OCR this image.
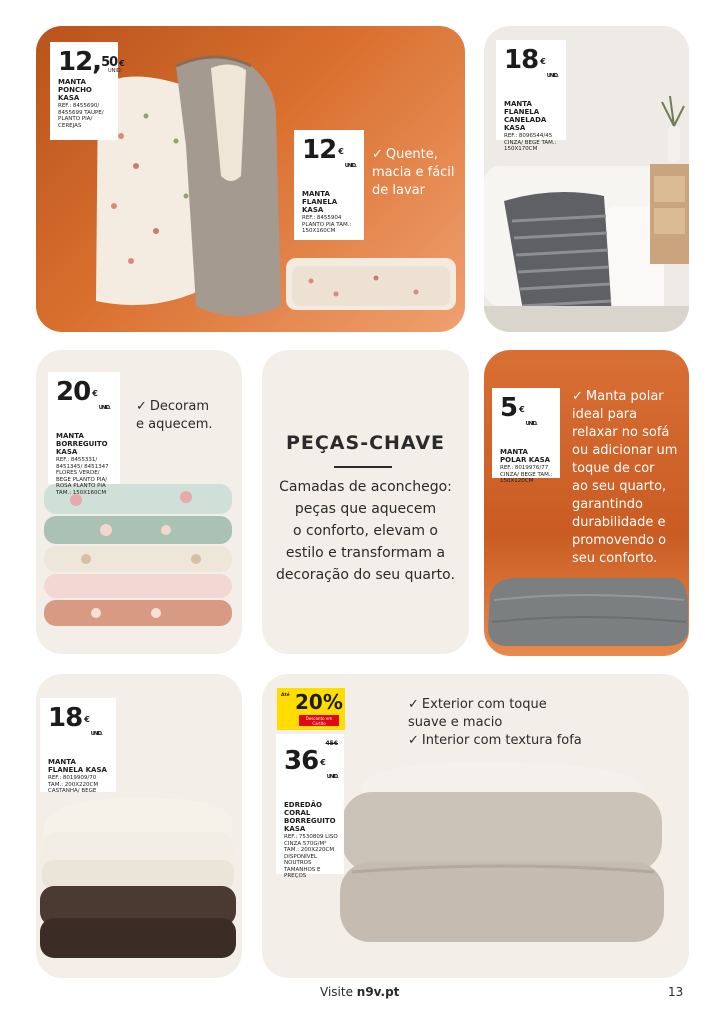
12, 50 €
UNID.
MANTA PONCHO KASA
REF.: 8455690/ 8455699 TAUPE/ PLANTO PIA/ CEREJAS
12 €
UNID.
MANTA FLANELA KASA
REF.: 8455904 PLANTO PIA TAM.: 150X160CM
✓ Quente,
macia e fácil
de lavar
18 €
UNID.
MANTA FLANELA CANELADA KASA
REF.: 8096544/45 CINZA/ BEGE TAM.: 150X170CM
20 €
UNID.
MANTA BORREGUITO KASA
REF.: 8455331/ 8451345/ 8451347 FLORES VERDE/ BEGE PLANTO PIA/ ROSA PLANTO PIA TAM.: 150X160CM
✓ Decoram
e aquecem.
PEÇAS-CHAVE
Camadas de aconchego:
peças que aquecem
o conforto, elevam o
estilo e transformam a
decoração do seu quarto.
5 €
UNID.
MANTA POLAR KASA
REF.: 8019976/77 CINZA/ BEGE TAM.: 150X120CM
✓ Manta polar
ideal para
relaxar no sofá
ou adicionar um
toque de cor
ao seu quarto,
garantindo
durabilidade e
promovendo o
seu conforto.
18 €
UNID.
MANTA FLANELA KASA
REF.: 8019909/70 TAM.: 200X220CM CASTANHA/ BEGE
45€
36 €
UNID.
EDREDÃO CORAL BORREGUITO KASA
REF.: 7530809 LISO CINZA 570G/M² TAM.: 200X220CM DISPONÍVEL NOUTROS TAMANHOS E PREÇOS
✓ Exterior com toque
suave e macio
✓ Interior com textura fofa
Até 20%
Desconto em Cartão
Visite n9v.pt	13
